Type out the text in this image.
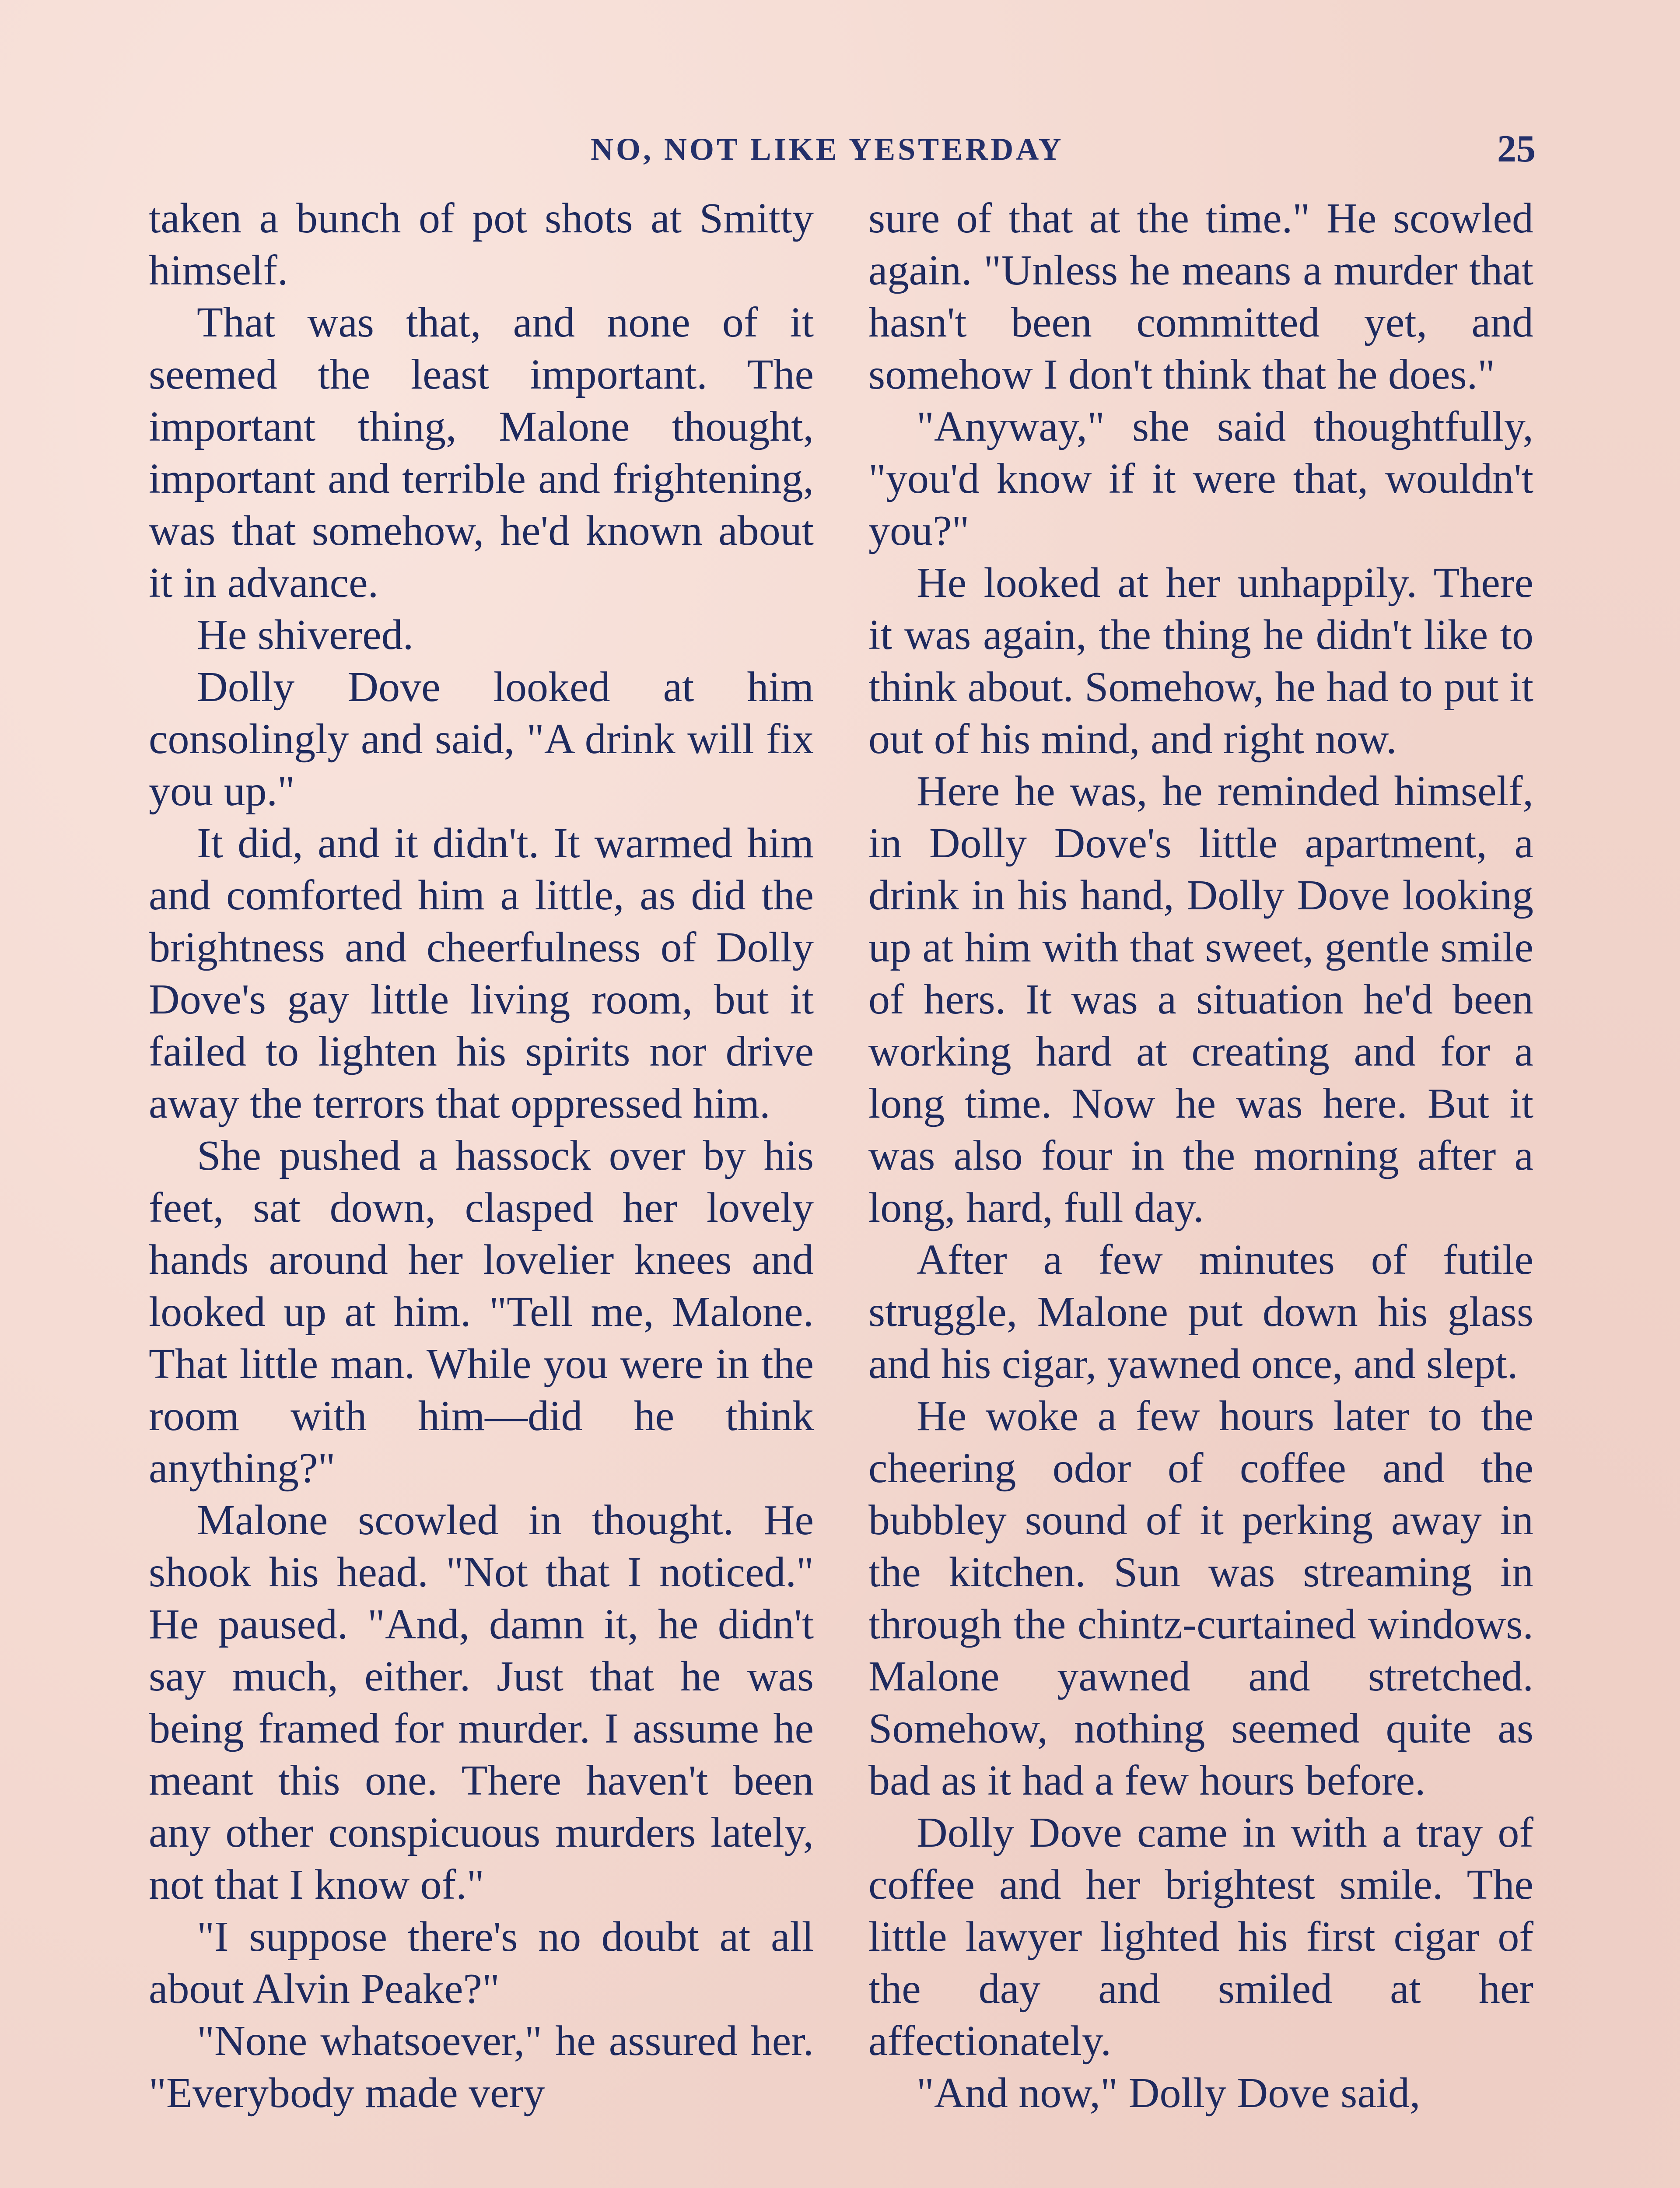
NO, NOT LIKE YESTERDAY	25

taken a bunch of pot shots at Smitty himself.

That was that, and none of it seemed the least important. The important thing, Malone thought, important and terrible and frightening, was that somehow, he'd known about it in advance.

He shivered.

Dolly Dove looked at him consolingly and said, "A drink will fix you up."

It did, and it didn't. It warmed him and comforted him a little, as did the brightness and cheerfulness of Dolly Dove's gay little living room, but it failed to lighten his spirits nor drive away the terrors that oppressed him.

She pushed a hassock over by his feet, sat down, clasped her lovely hands around her lovelier knees and looked up at him. "Tell me, Malone. That little man. While you were in the room with him—did he think anything?"

Malone scowled in thought. He shook his head. "Not that I noticed." He paused. "And, damn it, he didn't say much, either. Just that he was being framed for murder. I assume he meant this one. There haven't been any other conspicuous murders lately, not that I know of."

"I suppose there's no doubt at all about Alvin Peake?"

"None whatsoever," he assured her. "Everybody made very

sure of that at the time." He scowled again. "Unless he means a murder that hasn't been committed yet, and somehow I don't think that he does."

"Anyway," she said thoughtfully, "you'd know if it were that, wouldn't you?"

He looked at her unhappily. There it was again, the thing he didn't like to think about. Somehow, he had to put it out of his mind, and right now.

Here he was, he reminded himself, in Dolly Dove's little apartment, a drink in his hand, Dolly Dove looking up at him with that sweet, gentle smile of hers. It was a situation he'd been working hard at creating and for a long time. Now he was here. But it was also four in the morning after a long, hard, full day.

After a few minutes of futile struggle, Malone put down his glass and his cigar, yawned once, and slept.

He woke a few hours later to the cheering odor of coffee and the bubbley sound of it perking away in the kitchen. Sun was streaming in through the chintz-curtained windows. Malone yawned and stretched. Somehow, nothing seemed quite as bad as it had a few hours before.

Dolly Dove came in with a tray of coffee and her brightest smile. The little lawyer lighted his first cigar of the day and smiled at her affectionately.

"And now," Dolly Dove said,
